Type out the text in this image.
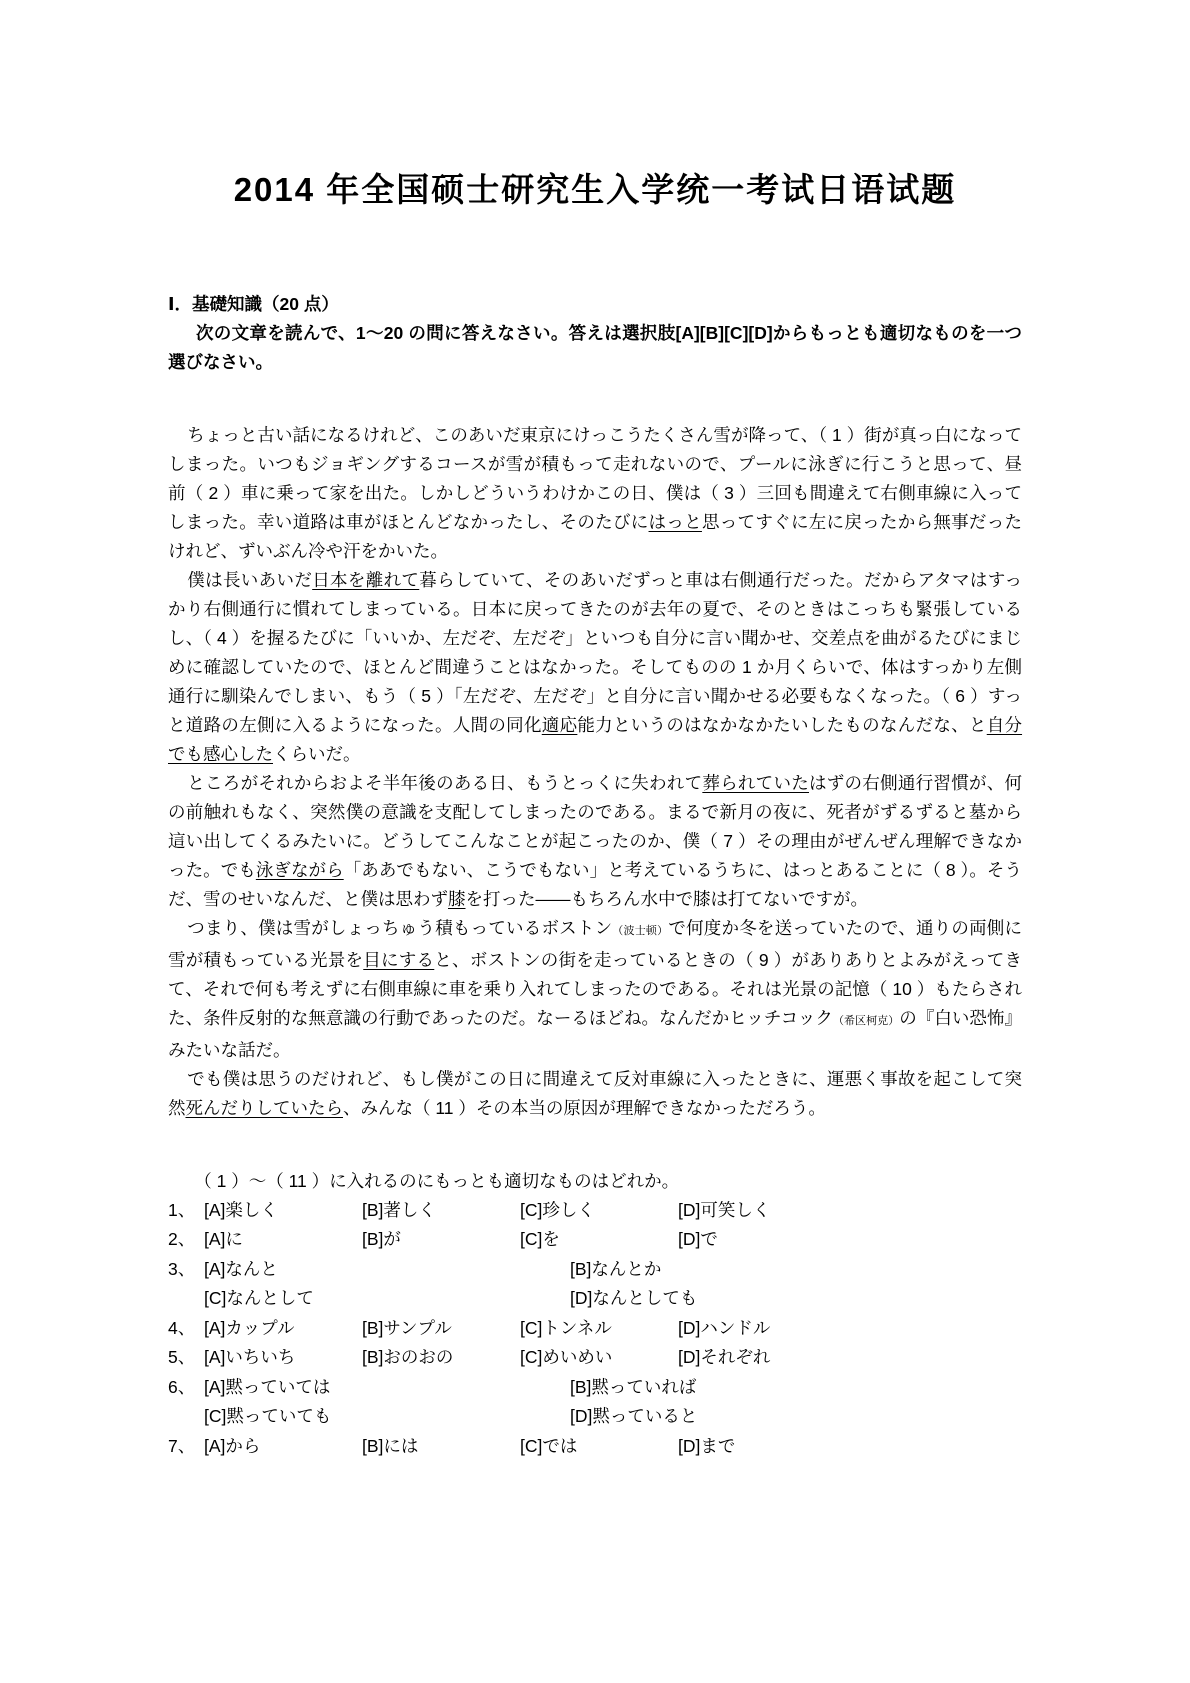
2014 年全国硕士研究生入学统一考试日语试题
Ⅰ．基礎知識（20 点）

次の文章を読んで、1～20 の問に答えなさい。答えは選択肢[A][B][C][D]からもっとも適切なものを一つ選びなさい。

ちょっと古い話になるけれど、このあいだ東京にけっこうたくさん雪が降って、（ 1 ）街が真っ白になってしまった。いつもジョギングするコースが雪が積もって走れないので、プールに泳ぎに行こうと思って、昼前（ 2 ）車に乗って家を出た。しかしどういうわけかこの日、僕は（ 3 ）三回も間違えて右側車線に入ってしまった。幸い道路は車がほとんどなかったし、そのたびにはっと思ってすぐに左に戻ったから無事だったけれど、ずいぶん冷や汗をかいた。

僕は長いあいだ日本を離れて暮らしていて、そのあいだずっと車は右側通行だった。だからアタマはすっかり右側通行に慣れてしまっている。日本に戻ってきたのが去年の夏で、そのときはこっちも緊張しているし、（ 4 ）を握るたびに「いいか、左だぞ、左だぞ」といつも自分に言い聞かせ、交差点を曲がるたびにまじめに確認していたので、ほとんど間違うことはなかった。そしてものの 1 か月くらいで、体はすっかり左側通行に馴染んでしまい、もう（ 5 ）「左だぞ、左だぞ」と自分に言い聞かせる必要もなくなった。（ 6 ）すっと道路の左側に入るようになった。人間の同化適応能力というのはなかなかたいしたものなんだな、と自分でも感心したくらいだ。

ところがそれからおよそ半年後のある日、もうとっくに失われて葬られていたはずの右側通行習慣が、何の前触れもなく、突然僕の意識を支配してしまったのである。まるで新月の夜に、死者がずるずると墓から這い出してくるみたいに。どうしてこんなことが起こったのか、僕（ 7 ）その理由がぜんぜん理解できなかった。でも泳ぎながら「ああでもない、こうでもない」と考えているうちに、はっとあることに（ 8 ）。そうだ、雪のせいなんだ、と僕は思わず膝を打った——もちろん水中で膝は打てないですが。

つまり、僕は雪がしょっちゅう積もっているボストン（波士顿）で何度か冬を送っていたので、通りの両側に雪が積もっている光景を目にすると、ボストンの街を走っているときの（ 9 ）がありありとよみがえってきて、それで何も考えずに右側車線に車を乗り入れてしまったのである。それは光景の記憶（ 10 ）もたらされた、条件反射的な無意識の行動であったのだ。なーるほどね。なんだかヒッチコック（希区柯克）の『白い恐怖』みたいな話だ。

でも僕は思うのだけれど、もし僕がこの日に間違えて反対車線に入ったときに、運悪く事故を起こして突然死んだりしていたら、みんな（ 11 ）その本当の原因が理解できなかっただろう。

（ 1 ）～（ 11 ）に入れるのにもっとも適切なものはどれか。

1、 [A]楽しく	[B]著しく	[C]珍しく	[D]可笑しく
2、 [A]に	[B]が	[C]を	[D]で
3、 [A]なんと	[B]なんとか
[C]なんとして	[D]なんとしても
4、 [A]カップル	[B]サンプル	[C]トンネル	[D]ハンドル
5、 [A]いちいち	[B]おのおの	[C]めいめい	[D]それぞれ
6、 [A]黙っていては	[B]黙っていれば
[C]黙っていても	[D]黙っていると
7、 [A]から	[B]には	[C]では	[D]まで
